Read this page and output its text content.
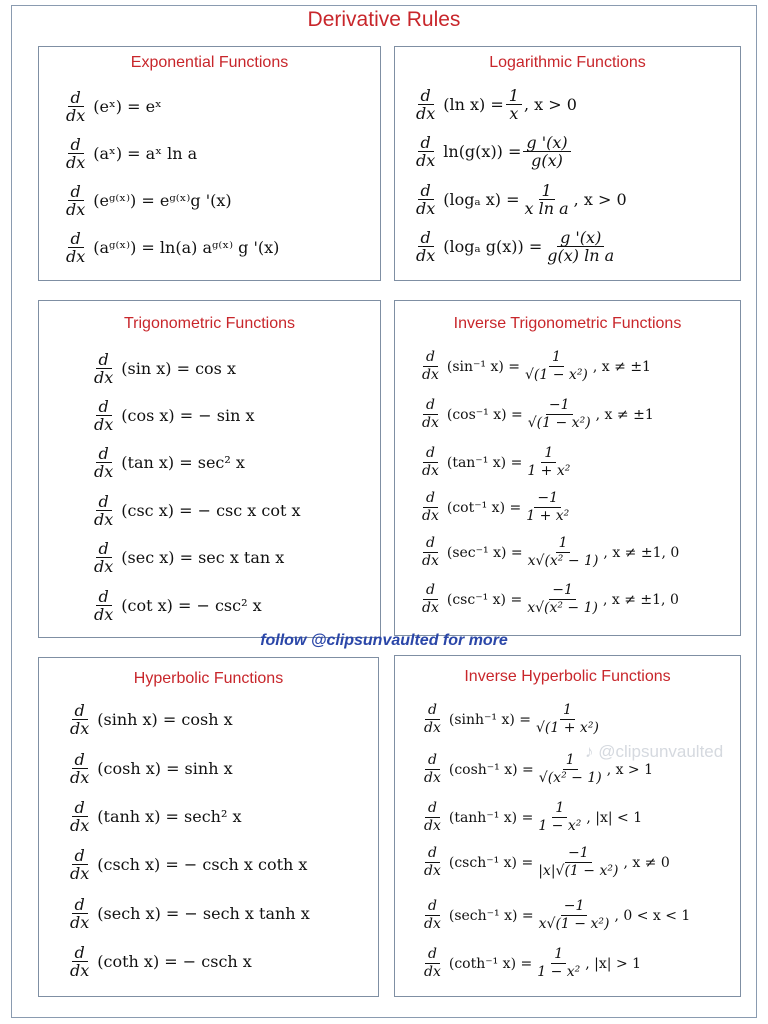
Derivative Rules
Exponential Functions
$\frac{d}{dx}$ (eˣ)
= eˣ
$\frac{d}{dx}$ (aˣ)
= aˣ ln a
$\frac{d}{dx}$ (eᵍ⁽ˣ⁾)
= eᵍ⁽ˣ⁾g '(x)
$\frac{d}{dx}$ (aᵍ⁽ˣ⁾)
= ln(a) aᵍ⁽ˣ⁾ g '(x)
Logarithmic Functions
$\frac{d}{dx} (\ln$ $x) = \frac{1}{x}$ , x > 0
$\frac{d}{dx} \ln(g(x)) = \frac{g '(x)}{g(x)}$
$\frac{d}{dx} (\log_a$ $x) = \frac{1}{\text{x ln a}}$ , x > 0
$\frac{d}{dx} (\log_a$ $g(x)) = \frac{g '(x)}{\text{g(x) ln a}}$
Trigonometric Functions
$\frac{d}{dx} (\sin$ x)
= cos x
$\frac{d}{dx} (\cos$ x)
= − sin x
$\frac{d}{dx} (\tan$ x)
= sec² x
$\frac{d}{dx} (\csc$ x)
= − csc x cot x
$\frac{d}{dx} (\sec$ x)
= sec x tan x
$\frac{d}{dx} (\cot$ x)
= − csc² x
Inverse Trigonometric Functions
$\frac{d}{dx} (\sin^{-1}$ $x) = \frac{1}{\text{√(1 − x²)}}$ , x ≠ ±1
$\frac{d}{dx} (\cos^{-1}$ $x) = \frac{-1}{\text{√(1 − x²)}}$ , x ≠ ±1
$\frac{d}{dx} (\tan^{-1}$ $x) = \frac{1}{\text{1 + x²}}$
$\frac{d}{dx} (\cot^{-1}$ $x) = \frac{-1}{\text{1 + x²}}$
$\frac{d}{dx} (\sec^{-1}$ $x) = \frac{1}{\text{x√(x² − 1)}}$ , x ≠ ±1, 0
$\frac{d}{dx} (\csc^{-1}$ $x) = \frac{-1}{\text{x√(x² − 1)}}$ , x ≠ ±1, 0
follow @clipsunvaulted for more
Hyperbolic Functions
$\frac{d}{dx} (\sinh$ x)
= cosh x
$\frac{d}{dx} (\cosh$ x)
= sinh x
$\frac{d}{dx} (\tanh$ x)
= sech² x
$\frac{d}{dx} (\csc h$ x)
= − csch x coth x
$\frac{d}{dx} (\sec h$ x)
= − sech x tanh x
$\frac{d}{dx} (\cot h$ x)
= − csch x
Inverse Hyperbolic Functions
♪ @clipsunvaulted
$\frac{d}{dx} (\sinh^{-1}$ $x) = \frac{1}{\text{√(1 + x²)}}$
$\frac{d}{dx} (\cosh^{-1}$ $x) = \frac{1}{\text{√(x² − 1)}}$ , x > 1
$\frac{d}{dx} (\tanh^{-1}$ $x) = \frac{1}{\text{1 − x²}}$ , |x| < 1
$\frac{d}{dx} (\csc h^{-1}$ $x) = \frac{-1}{\text{|x|√(1 − x²)}}$ , x ≠ 0
$\frac{d}{dx} (\sec h^{-1}$ $x) = \frac{-1}{\text{x√(1 − x²)}}$ , 0 < x < 1
$\frac{d}{dx} (\cot h^{-1}$ $x) = \frac{1}{\text{1 − x²}}$ , |x| > 1
